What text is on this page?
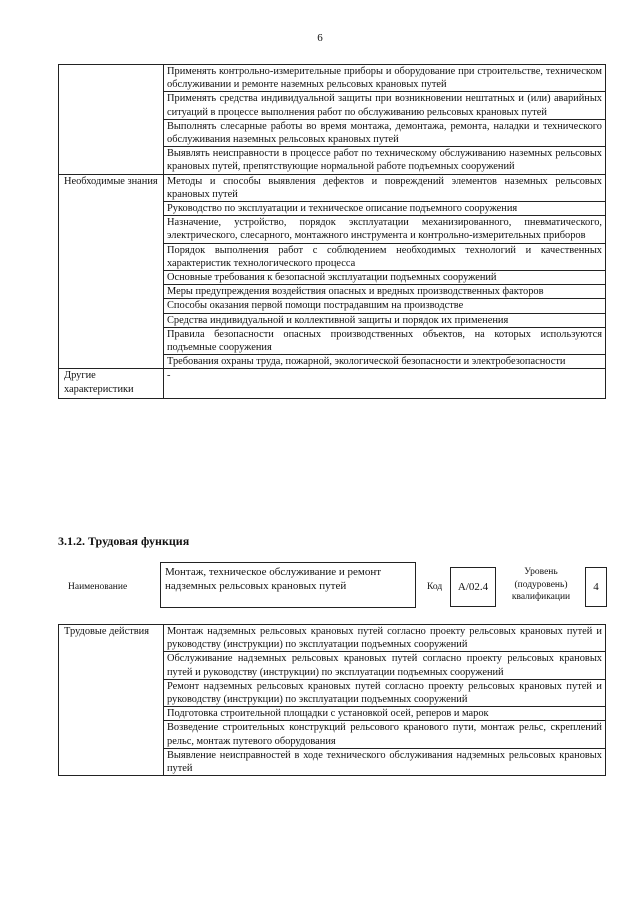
6
	Применять контрольно-измерительные приборы и оборудование при строительстве, техническом обслуживании и ремонте наземных рельсовых крановых путей
	Применять средства индивидуальной защиты при возникновении нештатных и (или) аварийных ситуаций в процессе выполнения работ по обслуживанию рельсовых крановых путей
	Выполнять слесарные работы во время монтажа, демонтажа, ремонта, наладки и технического обслуживания наземных рельсовых крановых путей
	Выявлять неисправности в процессе работ по техническому обслуживанию наземных рельсовых крановых путей, препятствующие нормальной работе подъемных сооружений
Необходимые знания	Методы и способы выявления дефектов и повреждений элементов наземных рельсовых крановых путей
	Руководство по эксплуатации и техническое описание подъемного сооружения
	Назначение, устройство, порядок эксплуатации механизированного, пневматического, электрического, слесарного, монтажного инструмента и контрольно-измерительных приборов
	Порядок выполнения работ с соблюдением необходимых технологий и качественных характеристик технологического процесса
	Основные требования к безопасной эксплуатации подъемных сооружений
	Меры предупреждения воздействия опасных и вредных производственных факторов
	Способы оказания первой помощи пострадавшим на производстве
	Средства индивидуальной и коллективной защиты и порядок их применения
	Правила безопасности опасных производственных объектов, на которых используются подъемные сооружения
	Требования охраны труда, пожарной, экологической безопасности и электробезопасности
Другие характеристики	-
3.1.2. Трудовая функция
Наименование
Монтаж, техническое обслуживание и ремонт надземных рельсовых крановых путей	Код	A/02.4
Уровень (подуровень) квалификации
4
Трудовые действия	Монтаж надземных рельсовых крановых путей согласно проекту рельсовых крановых путей и руководству (инструкции) по эксплуатации подъемных сооружений
Обслуживание надземных рельсовых крановых путей согласно проекту рельсовых крановых путей и руководству (инструкции) по эксплуатации подъемных сооружений
Ремонт надземных рельсовых крановых путей согласно проекту рельсовых крановых путей и руководству (инструкции) по эксплуатации подъемных сооружений
Подготовка строительной площадки с установкой осей, реперов и марок
Возведение строительных конструкций рельсового кранового пути, монтаж рельс, скреплений рельс, монтаж путевого оборудования
Выявление неисправностей в ходе технического обслуживания надземных рельсовых крановых путей
